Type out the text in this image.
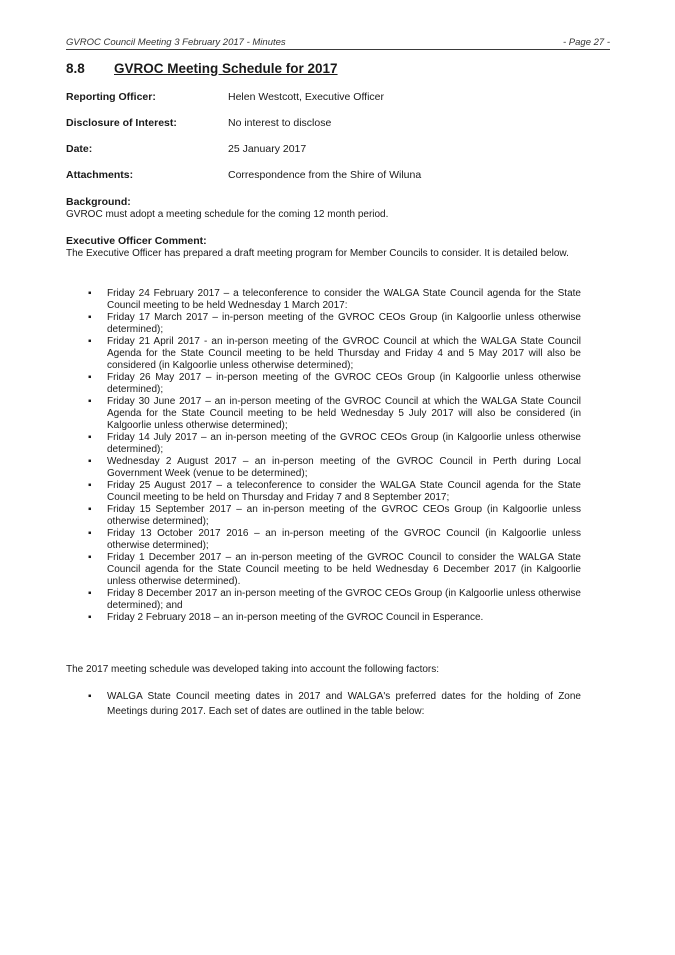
GVROC Council Meeting 3 February 2017 - Minutes	- Page 27 -
8.8 GVROC Meeting Schedule for 2017
Reporting Officer:	Helen Westcott, Executive Officer
Disclosure of Interest:	No interest to disclose
Date:	25 January 2017
Attachments:	Correspondence from the Shire of Wiluna
Background:

GVROC must adopt a meeting schedule for the coming 12 month period.

Executive Officer Comment:

The Executive Officer has prepared a draft meeting program for Member Councils to consider. It is detailed below.

▪ Friday 24 February 2017 – a teleconference to consider the WALGA State Council agenda for the State Council meeting to be held Wednesday 1 March 2017:
▪ Friday 17 March 2017 – in-person meeting of the GVROC CEOs Group (in Kalgoorlie unless otherwise determined);
▪ Friday 21 April 2017 - an in-person meeting of the GVROC Council at which the WALGA State Council Agenda for the State Council meeting to be held Thursday and Friday 4 and 5 May 2017 will also be considered (in Kalgoorlie unless otherwise determined);
▪ Friday 26 May 2017 – in-person meeting of the GVROC CEOs Group (in Kalgoorlie unless otherwise determined);
▪ Friday 30 June 2017 – an in-person meeting of the GVROC Council at which the WALGA State Council Agenda for the State Council meeting to be held Wednesday 5 July 2017 will also be considered (in Kalgoorlie unless otherwise determined);
▪ Friday 14 July 2017 – an in-person meeting of the GVROC CEOs Group (in Kalgoorlie unless otherwise determined);
▪ Wednesday 2 August 2017 – an in-person meeting of the GVROC Council in Perth during Local Government Week (venue to be determined);
▪ Friday 25 August 2017 – a teleconference to consider the WALGA State Council agenda for the State Council meeting to be held on Thursday and Friday 7 and 8 September 2017;
▪ Friday 15 September 2017 – an in-person meeting of the GVROC CEOs Group (in Kalgoorlie unless otherwise determined);
▪ Friday 13 October 2017 2016 – an in-person meeting of the GVROC Council (in Kalgoorlie unless otherwise determined);
▪ Friday 1 December 2017 – an in-person meeting of the GVROC Council to consider the WALGA State Council agenda for the State Council meeting to be held Wednesday 6 December 2017 (in Kalgoorlie unless otherwise determined).
▪ Friday 8 December 2017 an in-person meeting of the GVROC CEOs Group (in Kalgoorlie unless otherwise determined); and
▪ Friday 2 February 2018 – an in-person meeting of the GVROC Council in Esperance.

The 2017 meeting schedule was developed taking into account the following factors:

▪ WALGA State Council meeting dates in 2017 and WALGA's preferred dates for the holding of Zone Meetings during 2017. Each set of dates are outlined in the table below:
